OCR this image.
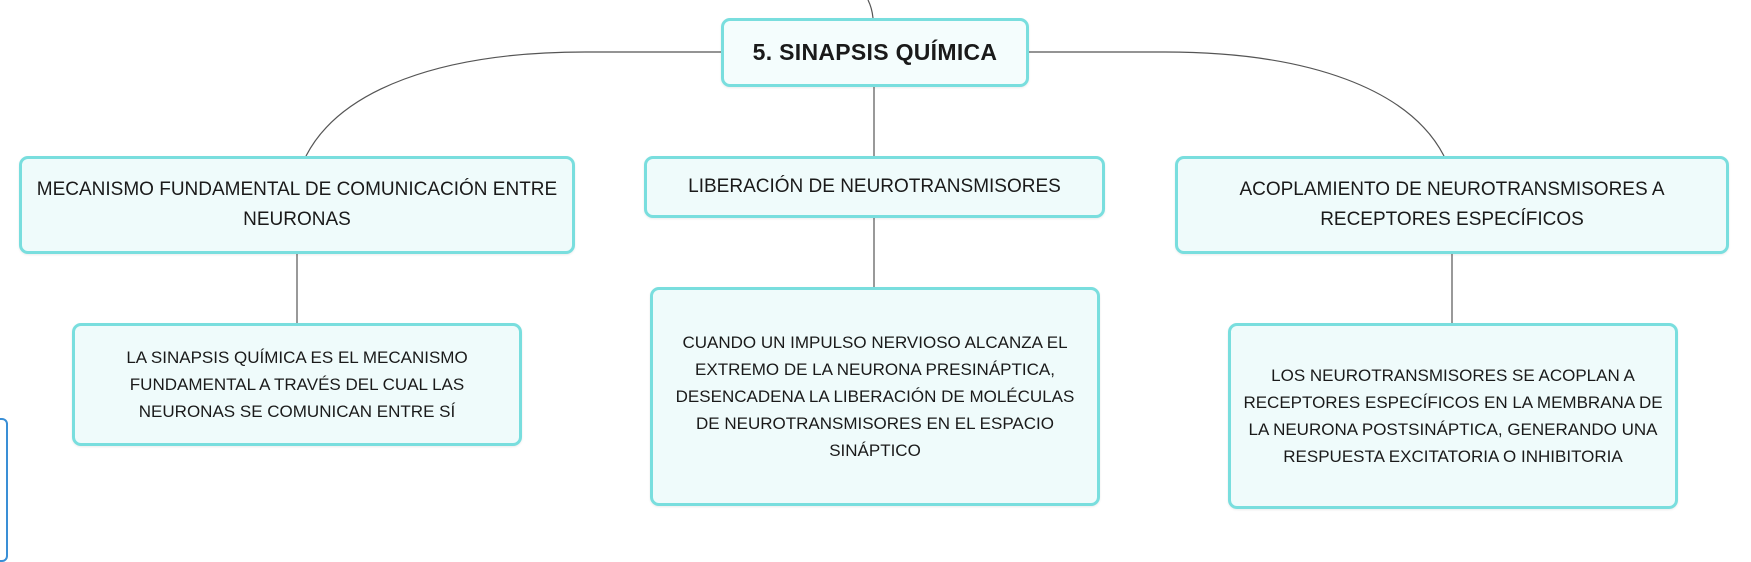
5. SINAPSIS QUÍMICA
MECANISMO FUNDAMENTAL DE COMUNICACIÓN ENTRE NEURONAS
LIBERACIÓN DE NEUROTRANSMISORES	ACOPLAMIENTO DE NEUROTRANSMISORES A RECEPTORES ESPECÍFICOS
LA SINAPSIS QUÍMICA ES EL MECANISMO FUNDAMENTAL A TRAVÉS DEL CUAL LAS NEURONAS SE COMUNICAN ENTRE SÍ
CUANDO UN IMPULSO NERVIOSO ALCANZA EL EXTREMO DE LA NEURONA PRESINÁPTICA, DESENCADENA LA LIBERACIÓN DE MOLÉCULAS DE NEUROTRANSMISORES EN EL ESPACIO SINÁPTICO
LOS NEUROTRANSMISORES SE ACOPLAN A RECEPTORES ESPECÍFICOS EN LA MEMBRANA DE LA NEURONA POSTSINÁPTICA, GENERANDO UNA RESPUESTA EXCITATORIA O INHIBITORIA
